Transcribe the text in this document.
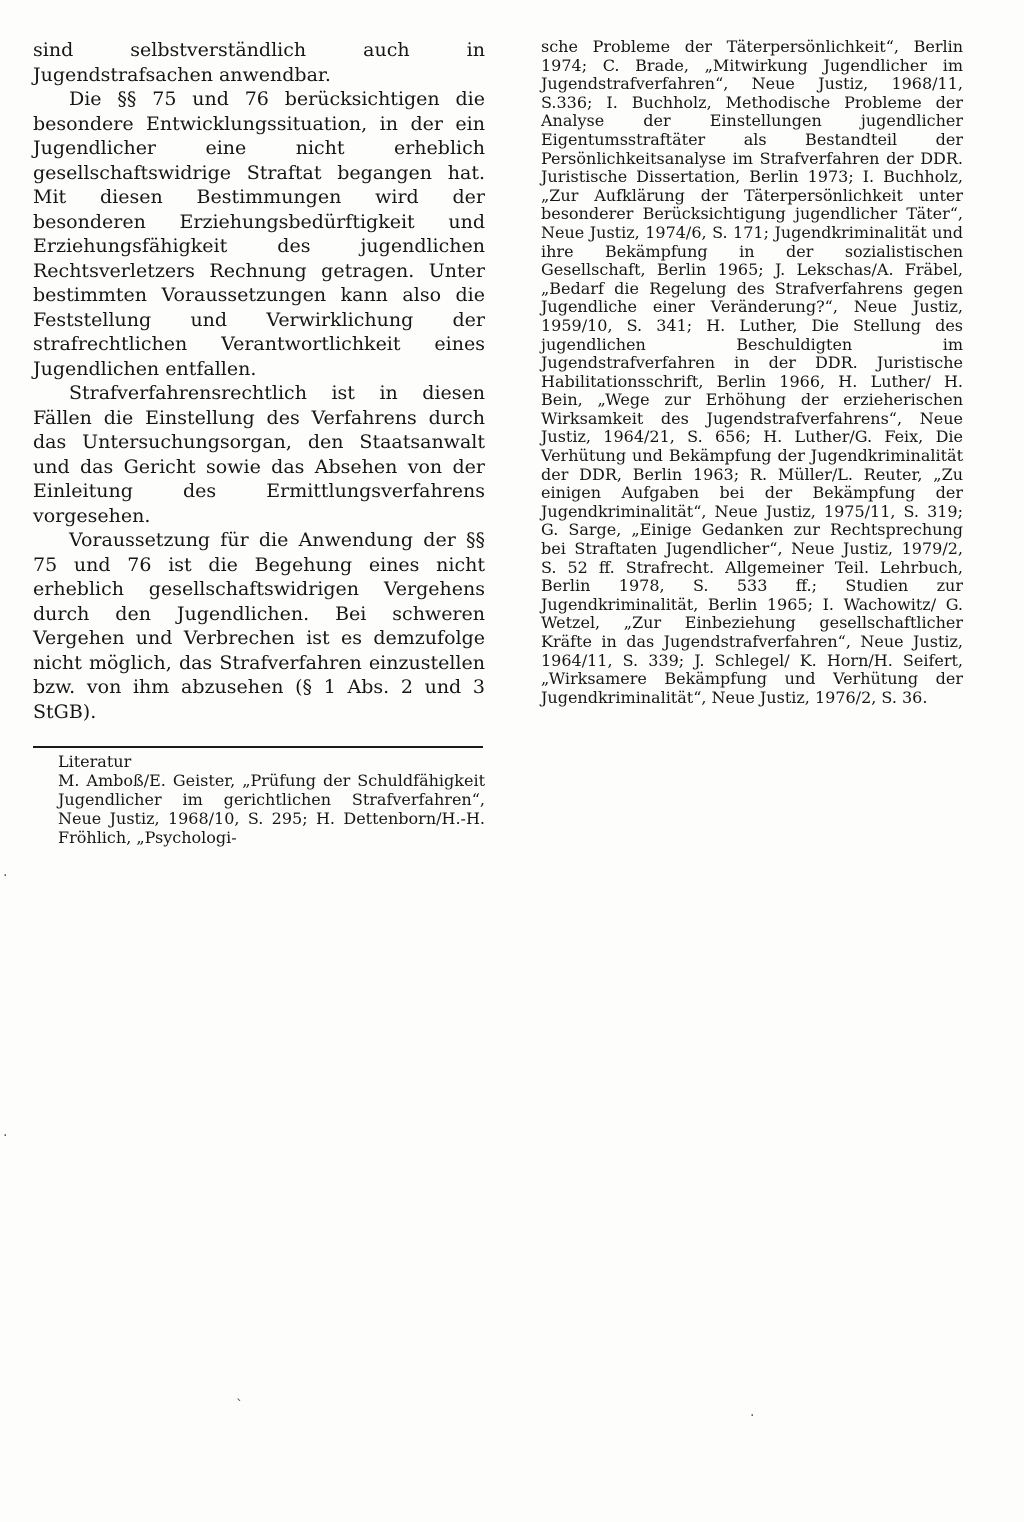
sind selbstverständlich auch in Jugendstrafsachen anwendbar.

Die §§ 75 und 76 berücksichtigen die besondere Entwicklungssituation, in der ein Jugendlicher eine nicht erheblich gesellschaftswidrige Straftat begangen hat. Mit diesen Bestimmungen wird der besonderen Erziehungsbedürftigkeit und Erziehungsfähigkeit des jugendlichen Rechtsverletzers Rechnung getragen. Unter bestimmten Voraussetzungen kann also die Feststellung und Verwirklichung der strafrechtlichen Verantwortlichkeit eines Jugendlichen entfallen.

Strafverfahrensrechtlich ist in diesen Fällen die Einstellung des Verfahrens durch das Untersuchungsorgan, den Staatsanwalt und das Gericht sowie das Absehen von der Einleitung des Ermittlungsverfahrens vorgesehen.

Voraussetzung für die Anwendung der §§ 75 und 76 ist die Begehung eines nicht erheblich gesellschaftswidrigen Vergehens durch den Jugendlichen. Bei schweren Vergehen und Verbrechen ist es demzufolge nicht möglich, das Strafverfahren einzustellen bzw. von ihm abzusehen (§ 1 Abs. 2 und 3 StGB).

Literatur

M. Amboß/E. Geister, „Prüfung der Schuldfähigkeit Jugendlicher im gerichtlichen Strafverfahren“, Neue Justiz, 1968/10, S. 295; H. Dettenborn/H.-H. Fröhlich, „Psychologi-

sche Probleme der Täterpersönlichkeit“, Berlin 1974; C. Brade, „Mitwirkung Jugendlicher im Jugendstrafverfahren“, Neue Justiz, 1968/11, S.336; I. Buchholz, Methodische Probleme der Analyse der Einstellungen jugendlicher Eigentumsstraftäter als Bestandteil der Persönlichkeitsanalyse im Strafverfahren der DDR. Juristische Dissertation, Berlin 1973; I. Buchholz, „Zur Aufklärung der Täterpersönlichkeit unter besonderer Berücksichtigung jugendlicher Täter“, Neue Justiz, 1974/6, S. 171; Jugendkriminalität und ihre Bekämpfung in der sozialistischen Gesellschaft, Berlin 1965; J. Lekschas/A. Fräbel, „Bedarf die Regelung des Strafverfahrens gegen Jugendliche einer Veränderung?“, Neue Justiz, 1959/10, S. 341; H. Luther, Die Stellung des jugendlichen Beschuldigten im Jugendstrafverfahren in der DDR. Juristische Habilitationsschrift, Berlin 1966, H. Luther/ H. Bein, „Wege zur Erhöhung der erzieherischen Wirksamkeit des Jugendstrafverfahrens“, Neue Justiz, 1964/21, S. 656; H. Luther/G. Feix, Die Verhütung und Bekämpfung der Jugendkriminalität der DDR, Berlin 1963; R. Müller/L. Reuter, „Zu einigen Aufgaben bei der Bekämpfung der Jugendkriminalität“, Neue Justiz, 1975/11, S. 319; G. Sarge, „Einige Gedanken zur Rechtsprechung bei Straftaten Jugendlicher“, Neue Justiz, 1979/2, S. 52 ff. Strafrecht. Allgemeiner Teil. Lehrbuch, Berlin 1978, S. 533 ff.; Studien zur Jugendkriminalität, Berlin 1965; I. Wachowitz/ G. Wetzel, „Zur Einbeziehung gesellschaftlicher Kräfte in das Jugendstrafverfahren“, Neue Justiz, 1964/11, S. 339; J. Schlegel/ K. Horn/H. Seifert, „Wirksamere Bekämpfung und Verhütung der Jugendkriminalität“, Neue Justiz, 1976/2, S. 36.

·
·
`
·
